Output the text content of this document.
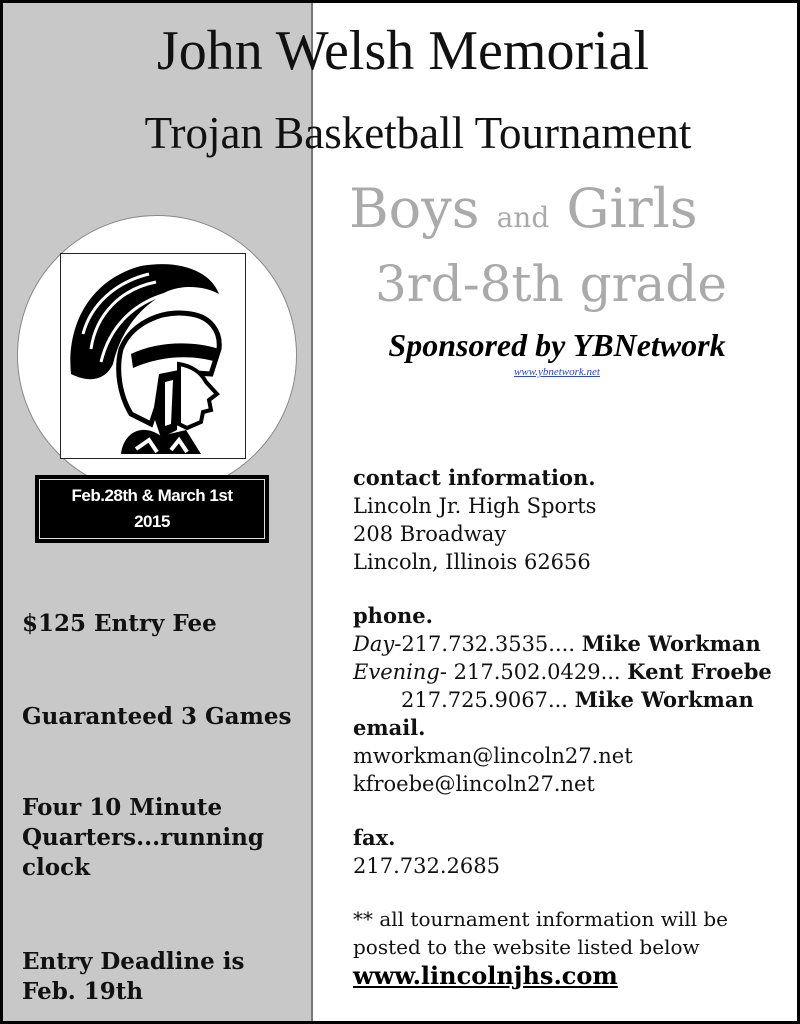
John Welsh Memorial
Trojan Basketball Tournament
Boys and Girls
3rd-8th grade
Sponsored by YBNetwork
www.ybnetwork.net
Feb.28th & March 1st
2015
$125 Entry Fee
Guaranteed 3 Games
Four 10 Minute
Quarters...running
clock
Entry Deadline is
Feb. 19th
contact information.
Lincoln Jr. High Sports
208 Broadway
Lincoln, Illinois 62656
phone.
Day-217.732.3535.... Mike Workman
Evening- 217.502.0429... Kent Froebe
217.725.9067... Mike Workman
email.
mworkman@lincoln27.net
kfroebe@lincoln27.net
fax.
217.732.2685
** all tournament information will be
posted to the website listed below
www.lincolnjhs.com
